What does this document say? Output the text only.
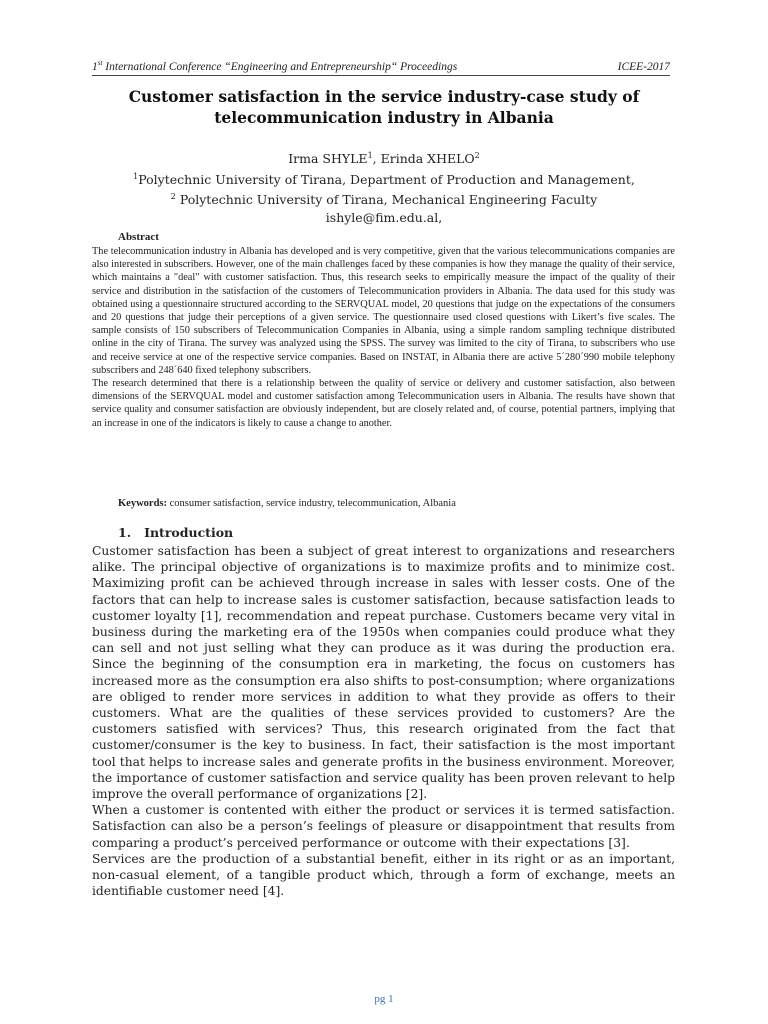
1st International Conference “Engineering and Entrepreneurship“ Proceedings	ICEE-2017
Customer satisfaction in the service industry-case study of
telecommunication industry in Albania
Irma SHYLE$^1$, Erinda XHELO$^2$
$^1$Polytechnic University of Tirana, Department of Production and Management,
$^2$ Polytechnic University of Tirana, Mechanical Engineering Faculty
ishyle@fim.edu.al,
Abstract

The telecommunication industry in Albania has developed and is very competitive, given that the various telecommunications companies are also interested in subscribers. However, one of the main challenges faced by these companies is how they manage the quality of their service, which maintains a "deal" with customer satisfaction. Thus, this research seeks to empirically measure the impact of the quality of their service and distribution in the satisfaction of the customers of Telecommunication providers in Albania. The data used for this study was obtained using a questionnaire structured according to the SERVQUAL model, 20 questions that judge on the expectations of the consumers and 20 questions that judge their perceptions of a given service. The questionnaire used closed questions with Likert’s five scales. The sample consists of 150 subscribers of Telecommunication Companies in Albania, using a simple random sampling technique distributed online in the city of Tirana. The survey was analyzed using the SPSS. The survey was limited to the city of Tirana, to subscribers who use and receive service at one of the respective service companies. Based on INSTAT, in Albania there are active 5´280´990 mobile telephony subscribers and 248´640 fixed telephony subscribers.

The research determined that there is a relationship between the quality of service or delivery and customer satisfaction, also between dimensions of the SERVQUAL model and customer satisfaction among Telecommunication users in Albania. The results have shown that service quality and consumer satisfaction are obviously independent, but are closely related and, of course, potential partners, implying that an increase in one of the indicators is likely to cause a change to another.

Keywords: consumer satisfaction, service industry, telecommunication, Albania
1.   Introduction

Customer satisfaction has been a subject of great interest to organizations and researchers alike. The principal objective of organizations is to maximize profits and to minimize cost. Maximizing profit can be achieved through increase in sales with lesser costs. One of the factors that can help to increase sales is customer satisfaction, because satisfaction leads to customer loyalty [1], recommendation and repeat purchase. Customers became very vital in business during the marketing era of the 1950s when companies could produce what they can sell and not just selling what they can produce as it was during the production era. Since the beginning of the consumption era in marketing, the focus on customers has increased more as the consumption era also shifts to post-consumption; where organizations are obliged to render more services in addition to what they provide as offers to their customers. What are the qualities of these services provided to customers? Are the customers satisfied with services? Thus, this research originated from the fact that customer/consumer is the key to business. In fact, their satisfaction is the most important tool that helps to increase sales and generate profits in the business environment. Moreover, the importance of customer satisfaction and service quality has been proven relevant to help improve the overall performance of organizations [2].

When a customer is contented with either the product or services it is termed satisfaction. Satisfaction can also be a person’s feelings of pleasure or disappointment that results from comparing a product’s perceived performance or outcome with their expectations [3].

Services are the production of a substantial benefit, either in its right or as an important, non-casual element, of a tangible product which, through a form of exchange, meets an identifiable customer need [4].

pg 1
